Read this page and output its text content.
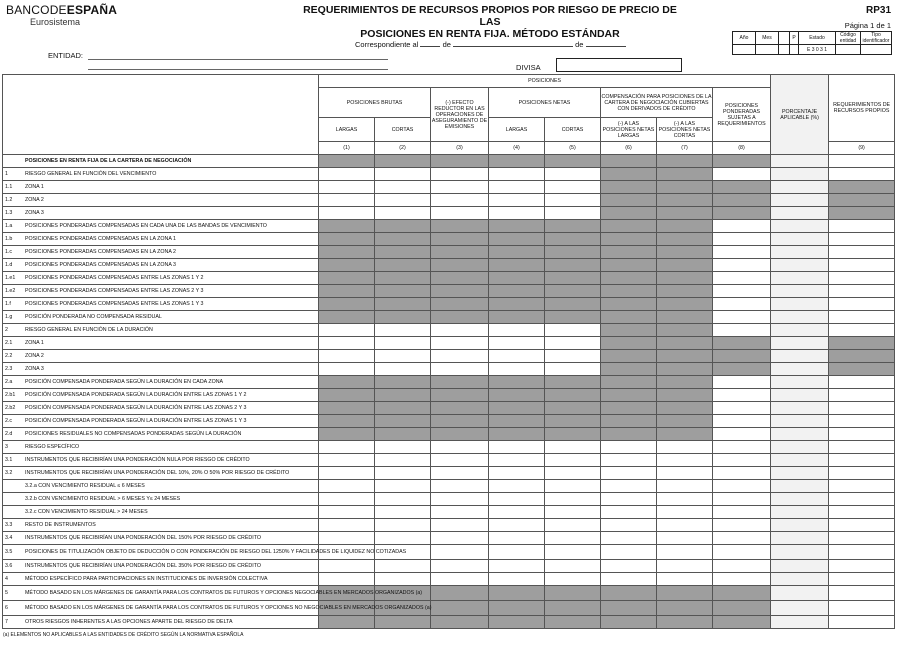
BANCODEESPAÑA
Eurosistema
REQUERIMIENTOS DE RECURSOS PROPIOS POR RIESGO DE PRECIO DE LAS
POSICIONES EN RENTA FIJA. MÉTODO ESTÁNDAR
RP31
Página 1 de 1
Correspondiente al	de	de
ENTIDAD:
DIVISA
Año	Mes		P	Estado	Código entidad	Tipo identificador
				E 3 0 3 1		
	POSICIONES								PORCENTAJE APLICABLE (%)	REQUERIMIENTOS DE RECURSOS PROPIOS
	POSICIONES BRUTAS		(-) EFECTO REDUCTOR EN LAS OPERACIONES DE ASEGURAMIENTO DE EMISIONES	POSICIONES NETAS		COMPENSACIÓN PARA POSICIONES DE LA CARTERA DE NEGOCIACIÓN CUBIERTAS CON DERIVADOS DE CRÉDITO		POSICIONES PONDERADAS SUJETAS A REQUERIMIENTOS		
	LARGAS	CORTAS		LARGAS	CORTAS	(-) A LAS POSICIONES NETAS LARGAS	(-) A LAS POSICIONES NETAS CORTAS			
	(1)	(2)	(3)	(4)	(5)	(6)	(7)	(8)		(9)
POSICIONES EN RENTA FIJA DE LA CARTERA DE NEGOCIACIÓN										
1 RIESGO GENERAL EN FUNCIÓN DEL VENCIMIENTO										
1.1 ZONA 1										
1.2 ZONA 2										
1.3 ZONA 3										
1.a POSICIONES PONDERADAS COMPENSADAS EN CADA UNA DE LAS BANDAS DE VENCIMIENTO										
1.b POSICIONES PONDERADAS COMPENSADAS EN LA ZONA 1										
1.c POSICIONES PONDERADAS COMPENSADAS EN LA ZONA 2										
1.d POSICIONES PONDERADAS COMPENSADAS EN LA ZONA 3										
1.e1 POSICIONES PONDERADAS COMPENSADAS ENTRE LAS ZONAS 1 Y 2										
1.e2 POSICIONES PONDERADAS COMPENSADAS ENTRE LAS ZONAS 2 Y 3										
1.f POSICIONES PONDERADAS COMPENSADAS ENTRE LAS ZONAS 1 Y 3										
1.g POSICIÓN PONDERADA NO COMPENSADA RESIDUAL										
2 RIESGO GENERAL EN FUNCIÓN DE LA DURACIÓN										
2.1 ZONA 1										
2.2 ZONA 2										
2.3 ZONA 3										
2.a POSICIÓN COMPENSADA PONDERADA SEGÚN LA DURACIÓN EN CADA ZONA										
2.b1 POSICIÓN COMPENSADA PONDERADA SEGÚN LA DURACIÓN ENTRE LAS ZONAS 1 Y 2										
2.b2 POSICIÓN COMPENSADA PONDERADA SEGÚN LA DURACIÓN ENTRE LAS ZONAS 2 Y 3										
2.c POSICIÓN COMPENSADA PONDERADA SEGÚN LA DURACIÓN ENTRE LAS ZONAS 1 Y 3										
2.d POSICIONES RESIDUALES NO COMPENSADAS PONDERADAS SEGÚN LA DURACIÓN										
3 RIESGO ESPECÍFICO										
3.1 INSTRUMENTOS QUE RECIBIRÍAN UNA PONDERACIÓN NULA POR RIESGO DE CRÉDITO										
3.2 INSTRUMENTOS QUE RECIBIRÍAN UNA PONDERACIÓN DEL 10%, 20% O 50% POR RIESGO DE CRÉDITO										
3.2.a CON VENCIMIENTO RESIDUAL ≤ 6 MESES										
3.2.b CON VENCIMIENTO RESIDUAL > 6 MESES Y≤ 24 MESES										
3.2.c CON VENCIMIENTO RESIDUAL > 24 MESES										
3.3 RESTO DE INSTRUMENTOS										
3.4 INSTRUMENTOS QUE RECIBIRÍAN UNA PONDERACIÓN DEL 150% POR RIESGO DE CRÉDITO										
3.5 POSICIONES DE TITULIZACIÓN OBJETO DE DEDUCCIÓN O CON PONDERACIÓN DE RIESGO DEL 1250% Y FACILIDADES DE LIQUIDEZ NO COTIZADAS										
3.6 INSTRUMENTOS QUE RECIBIRÍAN UNA PONDERACIÓN DEL 350% POR RIESGO DE CRÉDITO										
4 MÉTODO ESPECÍFICO PARA PARTICIPACIONES EN INSTITUCIONES DE INVERSIÓN COLECTIVA										
5 MÉTODO BASADO EN LOS MÁRGENES DE GARANTÍA PARA LOS CONTRATOS DE FUTUROS Y OPCIONES NEGOCIABLES EN MERCADOS ORGANIZADOS (a)										
6 MÉTODO BASADO EN LOS MÁRGENES DE GARANTÍA PARA LOS CONTRATOS DE FUTUROS Y OPCIONES NO NEGOCIABLES EN MERCADOS ORGANIZADOS (a)										
7 OTROS RIESGOS INHERENTES A LAS OPCIONES APARTE DEL RIESGO DE DELTA										
(a) ELEMENTOS NO APLICABLES A LAS ENTIDADES DE CRÉDITO SEGÚN LA NORMATIVA ESPAÑOLA
